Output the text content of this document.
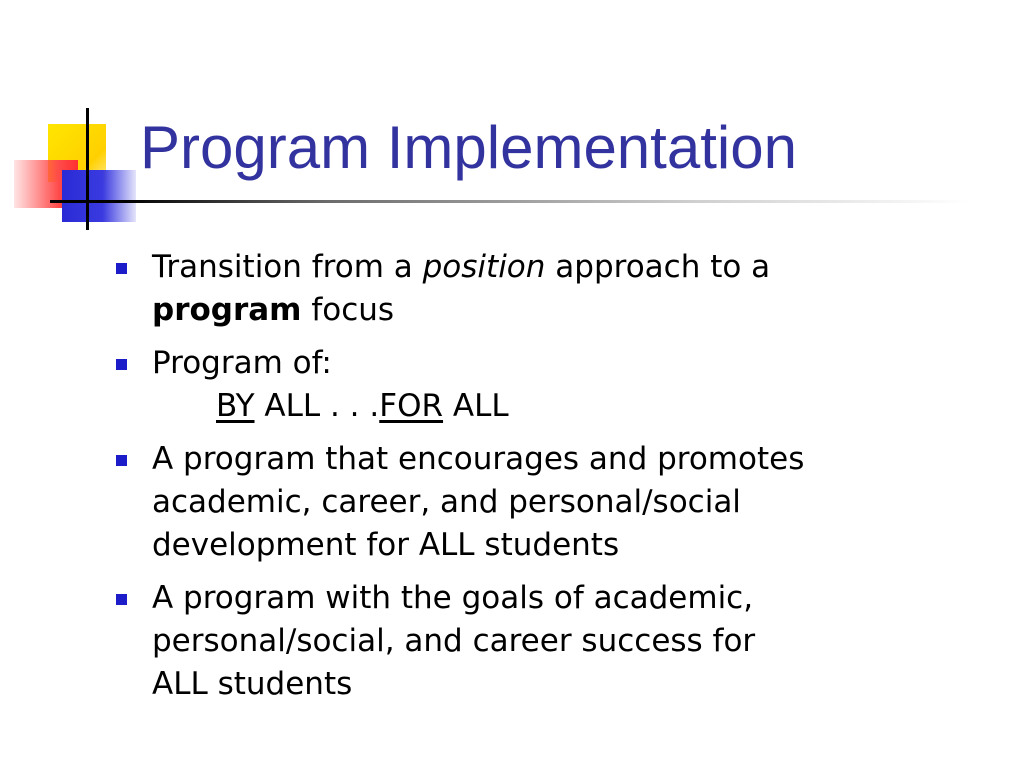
Program Implementation
Transition from a position approach to a
program focus
Program of:
BY ALL . . .FOR ALL
A program that encourages and promotes
academic, career, and personal/social
development for ALL students
A program with the goals of academic,
personal/social, and career success for
ALL students
